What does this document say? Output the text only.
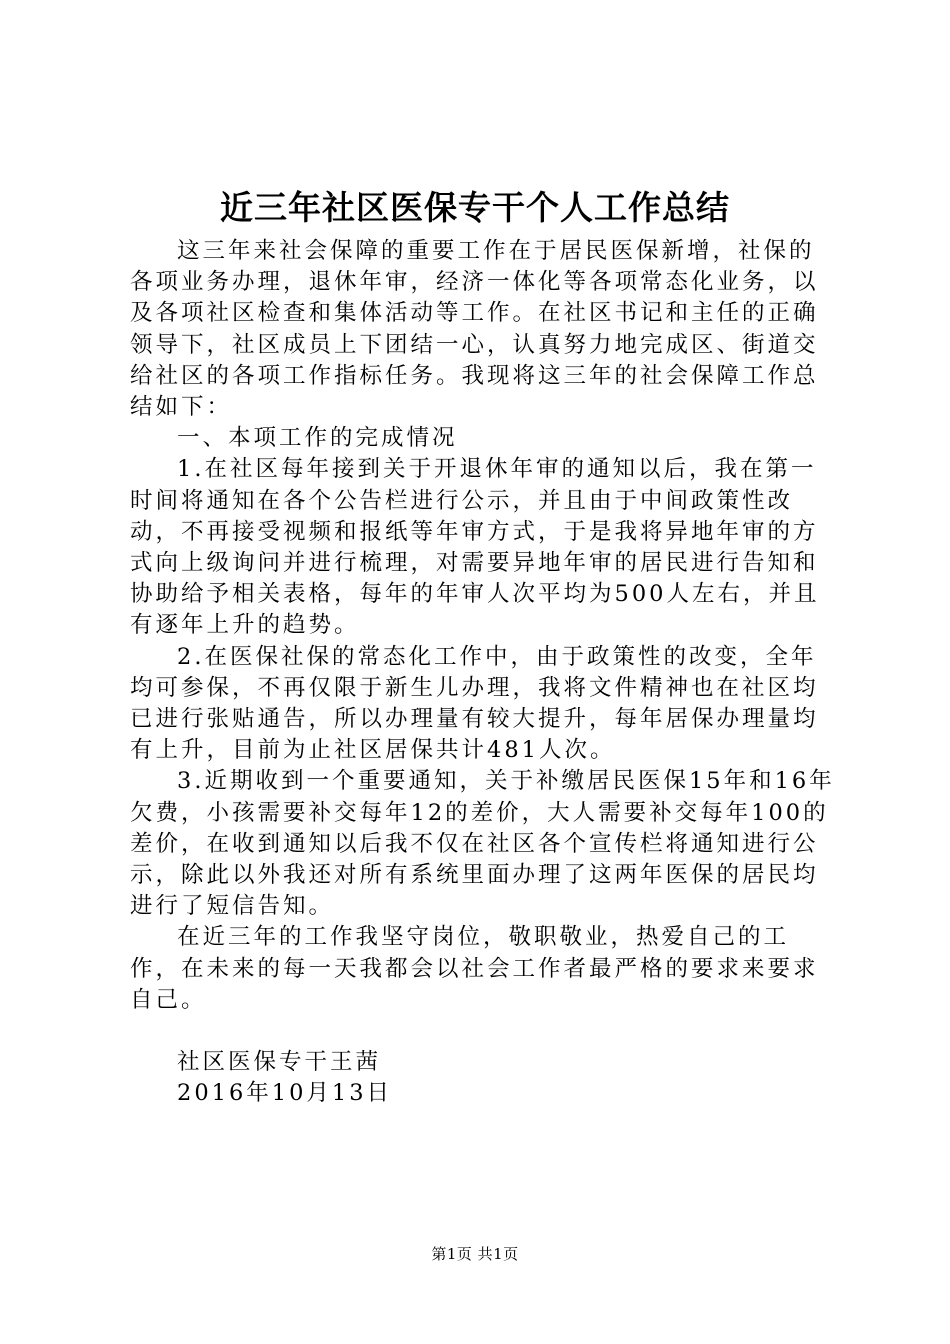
近三年社区医保专干个人工作总结

这三年来社会保障的重要工作在于居民医保新增，社保的各项业务办理，退休年审，经济一体化等各项常态化业务，以及各项社区检查和集体活动等工作。在社区书记和主任的正确领导下，社区成员上下团结一心，认真努力地完成区、街道交给社区的各项工作指标任务。我现将这三年的社会保障工作总结如下：

一、本项工作的完成情况

1.在社区每年接到关于开退休年审的通知以后，我在第一时间将通知在各个公告栏进行公示，并且由于中间政策性改动，不再接受视频和报纸等年审方式，于是我将异地年审的方式向上级询问并进行梳理，对需要异地年审的居民进行告知和协助给予相关表格，每年的年审人次平均为500人左右，并且有逐年上升的趋势。

2.在医保社保的常态化工作中，由于政策性的改变，全年均可参保，不再仅限于新生儿办理，我将文件精神也在社区均已进行张贴通告，所以办理量有较大提升，每年居保办理量均有上升，目前为止社区居保共计481人次。

3.近期收到一个重要通知，关于补缴居民医保15年和16年欠费，小孩需要补交每年12的差价，大人需要补交每年100的差价，在收到通知以后我不仅在社区各个宣传栏将通知进行公示，除此以外我还对所有系统里面办理了这两年医保的居民均进行了短信告知。

在近三年的工作我坚守岗位，敬职敬业，热爱自己的工作，在未来的每一天我都会以社会工作者最严格的要求来要求自己。

社区医保专干王茜

2016年10月13日

第1页 共1页
